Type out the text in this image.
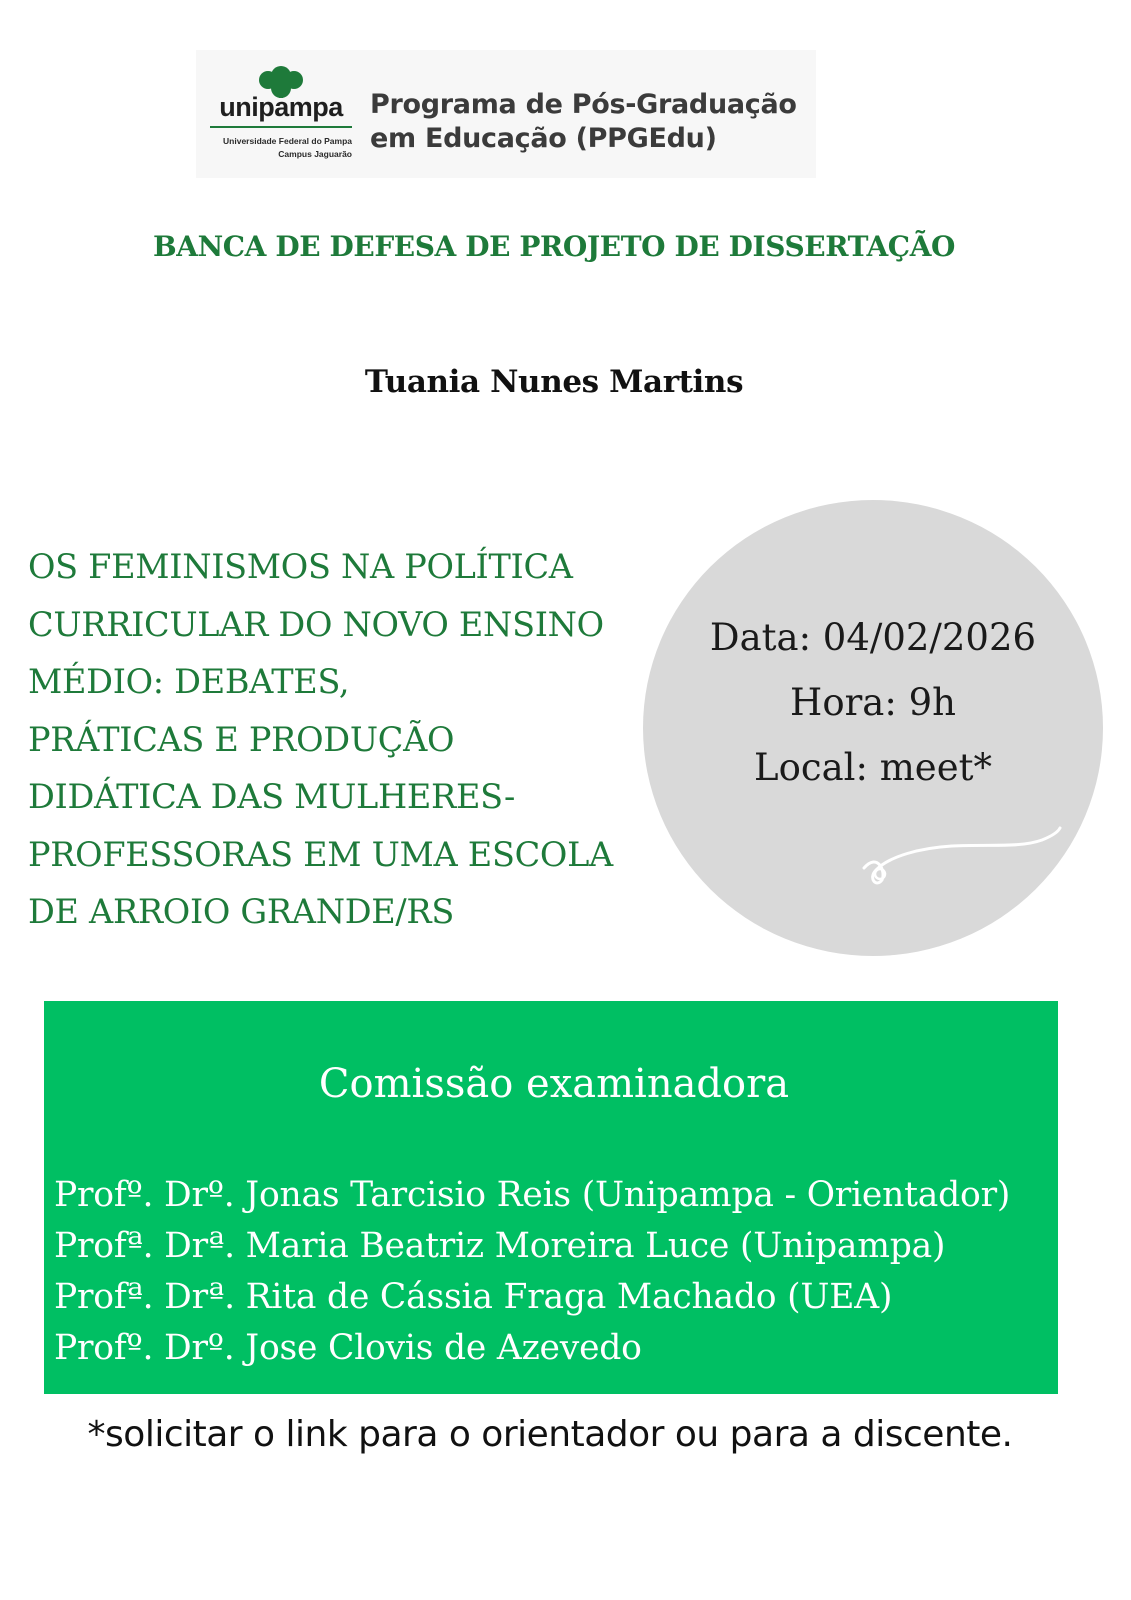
unipampa
Universidade Federal do Pampa
Campus Jaguarão
Programa de Pós-Graduação
em Educação (PPGEdu)
BANCA DE DEFESA DE PROJETO DE DISSERTAÇÃO
Tuania Nunes Martins
OS FEMINISMOS NA POLÍTICA
CURRICULAR DO NOVO ENSINO
MÉDIO: DEBATES,
PRÁTICAS E PRODUÇÃO
DIDÁTICA DAS MULHERES-
PROFESSORAS EM UMA ESCOLA
DE ARROIO GRANDE/RS
Data: 04/02/2026
Hora: 9h
Local: meet*
Comissão examinadora
Profº. Drº. Jonas Tarcisio Reis (Unipampa - Orientador)
Profª. Drª. Maria Beatriz Moreira Luce (Unipampa)
Profª. Drª. Rita de Cássia Fraga Machado (UEA)
Profº. Drº. Jose Clovis de Azevedo
*solicitar o link para o orientador ou para a discente.
